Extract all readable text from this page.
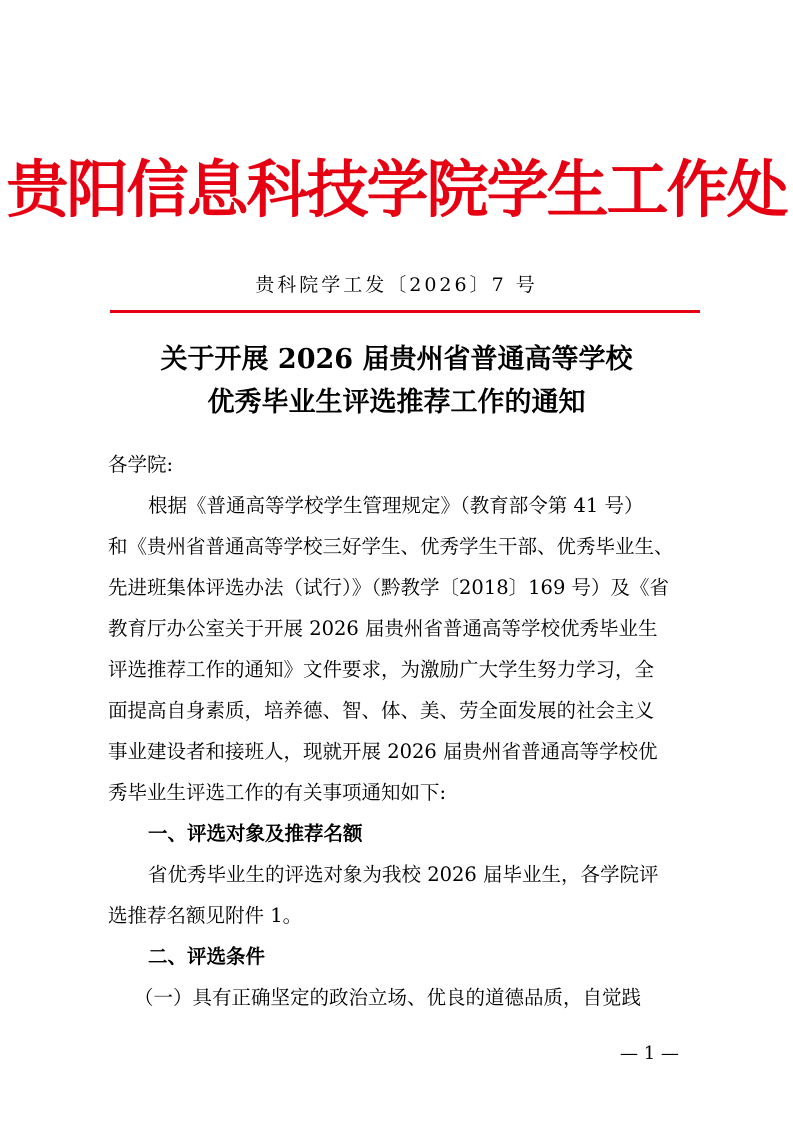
贵阳信息科技学院学生工作处
贵科院学工发〔2026〕7 号
关于开展 2026 届贵州省普通高等学校
优秀毕业生评选推荐工作的通知
各学院:
根据《普通高等学校学生管理规定》（教育部令第 41 号）
和《贵州省普通高等学校三好学生、优秀学生干部、优秀毕业生、
先进班集体评选办法（试行）》（黔教学〔2018〕169 号）及《省
教育厅办公室关于开展 2026 届贵州省普通高等学校优秀毕业生
评选推荐工作的通知》文件要求，为激励广大学生努力学习，全
面提高自身素质，培养德、智、体、美、劳全面发展的社会主义
事业建设者和接班人，现就开展 2026 届贵州省普通高等学校优
秀毕业生评选工作的有关事项通知如下:
一、评选对象及推荐名额
省优秀毕业生的评选对象为我校 2026 届毕业生，各学院评
选推荐名额见附件 1。
二、评选条件
（一）具有正确坚定的政治立场、优良的道德品质，自觉践
— 1 —
